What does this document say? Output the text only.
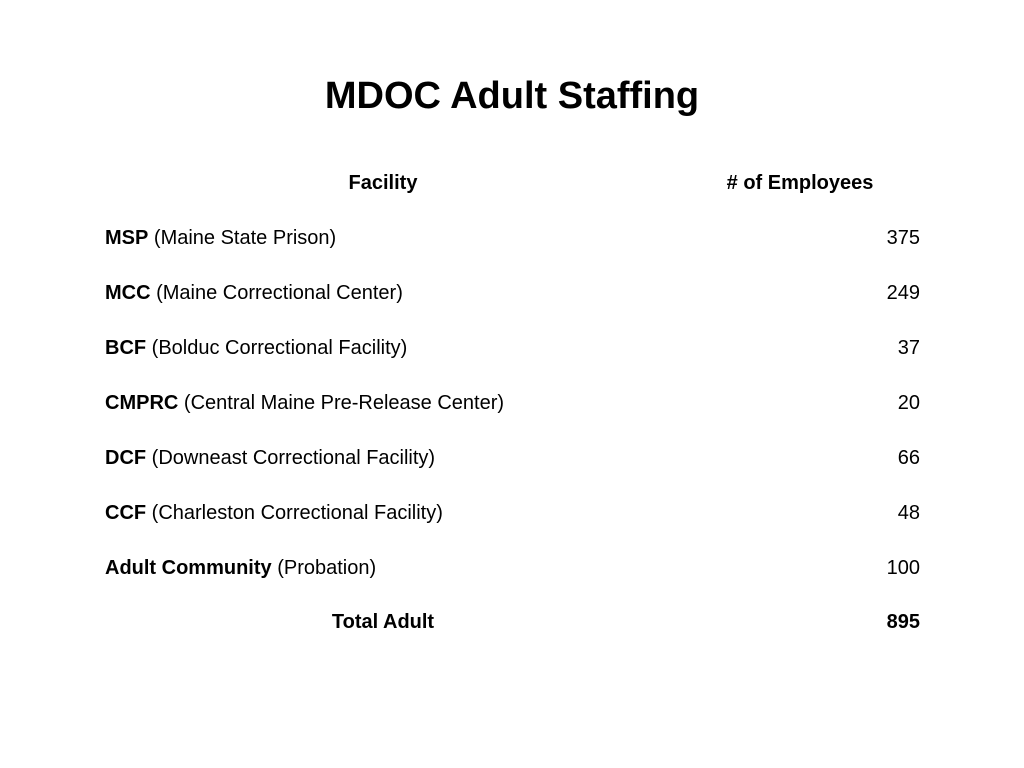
MDOC Adult Staffing
Facility	# of Employees
MSP (Maine State Prison)	375
MCC (Maine Correctional Center)	249
BCF (Bolduc Correctional Facility)	37
CMPRC (Central Maine Pre-Release Center)	20
DCF (Downeast Correctional Facility)	66
CCF (Charleston Correctional Facility)	48
Adult Community (Probation)	100
Total Adult	895
